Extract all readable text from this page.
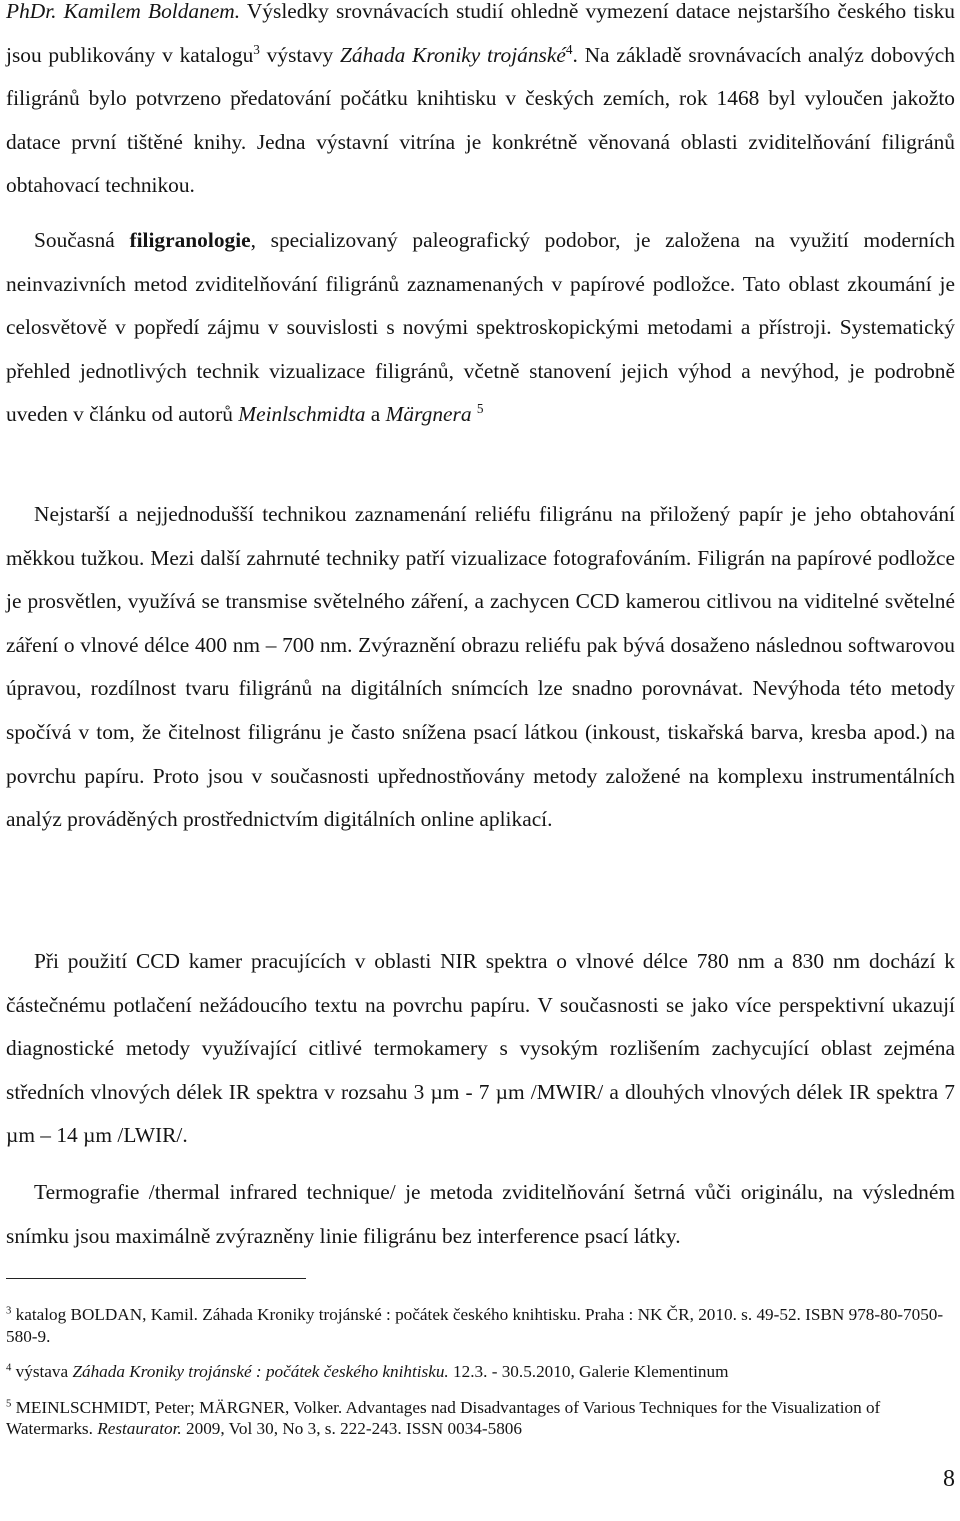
PhDr. Kamilem Boldanem. Výsledky srovnávacích studií ohledně vymezení datace nejstaršího českého tisku jsou publikovány v katalogu$^3$ výstavy Záhada Kroniky trojánské$^4$. Na základě srovnávacích analýz dobových filigránů bylo potvrzeno předatování počátku knihtisku v českých zemích, rok 1468 byl vyloučen jakožto datace první tištěné knihy. Jedna výstavní vitrína je konkrétně věnovaná oblasti zviditelňování filigránů obtahovací technikou.

Současná filigranologie, specializovaný paleografický podobor, je založena na využití moderních neinvazivních metod zviditelňování filigránů zaznamenaných v papírové podložce. Tato oblast zkoumání je celosvětově v popředí zájmu v souvislosti s novými spektroskopickými metodami a přístroji. Systematický přehled jednotlivých technik vizualizace filigránů, včetně stanovení jejich výhod a nevýhod, je podrobně uveden v článku od autorů Meinlschmidta a Märgnera $^5$

Nejstarší a nejjednodušší technikou zaznamenání reliéfu filigránu na přiložený papír je jeho obtahování měkkou tužkou. Mezi další zahrnuté techniky patří vizualizace fotografováním. Filigrán na papírové podložce je prosvětlen, využívá se transmise světelného záření, a zachycen CCD kamerou citlivou na viditelné světelné záření o vlnové délce 400 nm – 700 nm. Zvýraznění obrazu reliéfu pak bývá dosaženo následnou softwarovou úpravou, rozdílnost tvaru filigránů na digitálních snímcích lze snadno porovnávat. Nevýhoda této metody spočívá v tom, že čitelnost filigránu je často snížena psací látkou (inkoust, tiskařská barva, kresba apod.) na povrchu papíru. Proto jsou v současnosti upřednostňovány metody založené na komplexu instrumentálních analýz prováděných prostřednictvím digitálních online aplikací.

Při použití CCD kamer pracujících v oblasti NIR spektra o vlnové délce 780 nm a 830 nm dochází k částečnému potlačení nežádoucího textu na povrchu papíru. V současnosti se jako více perspektivní ukazují diagnostické metody využívající citlivé termokamery s vysokým rozlišením zachycující oblast zejména středních vlnových délek IR spektra v rozsahu 3 µm - 7 µm /MWIR/ a dlouhých vlnových délek IR spektra 7 µm – 14 µm /LWIR/.

Termografie /thermal infrared technique/ je metoda zviditelňování šetrná vůči originálu, na výsledném snímku jsou maximálně zvýrazněny linie filigránu bez interference psací látky.

$^3$ katalog BOLDAN, Kamil. Záhada Kroniky trojánské : počátek českého knihtisku. Praha : NK ČR, 2010. s. 49-52. ISBN 978-80-7050-580-9.

$^4$ výstava Záhada Kroniky trojánské : počátek českého knihtisku. 12.3. - 30.5.2010, Galerie Klementinum

$^5$ MEINLSCHMIDT, Peter; MÄRGNER, Volker. Advantages nad Disadvantages of Various Techniques for the Visualization of Watermarks. Restaurator. 2009, Vol 30, No 3, s. 222-243. ISSN 0034-5806

8
